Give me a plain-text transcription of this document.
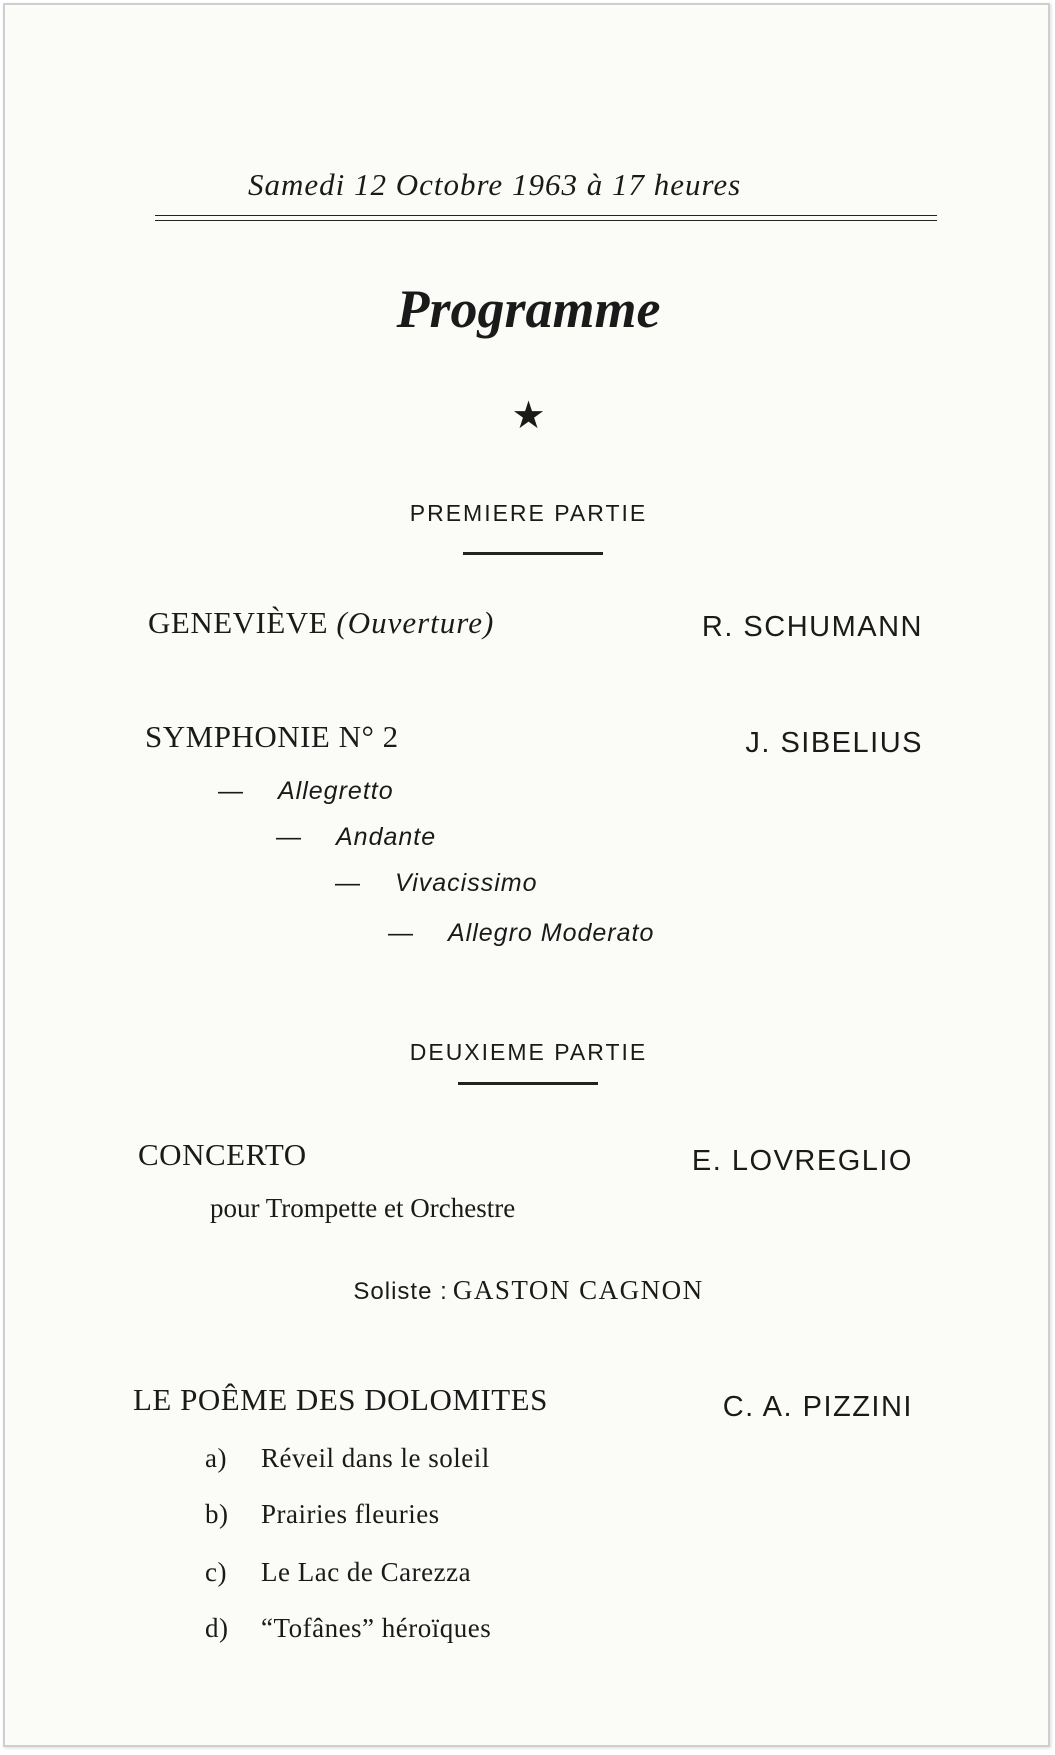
Samedi 12 Octobre 1963 à 17 heures
Programme
★
PREMIERE PARTIE
GENEVIÈVE (Ouverture)	R. SCHUMANN
SYMPHONIE N° 2	J. SIBELIUS
— Allegretto
— Andante
— Vivacissimo
— Allegro Moderato
DEUXIEME PARTIE
CONCERTO	E. LOVREGLIO
pour Trompette et Orchestre
Soliste : GASTON CAGNON
LE POÊME DES DOLOMITES	C. A. PIZZINI
a) Réveil dans le soleil
b) Prairies fleuries
c) Le Lac de Carezza
d) “Tofânes” héroïques
